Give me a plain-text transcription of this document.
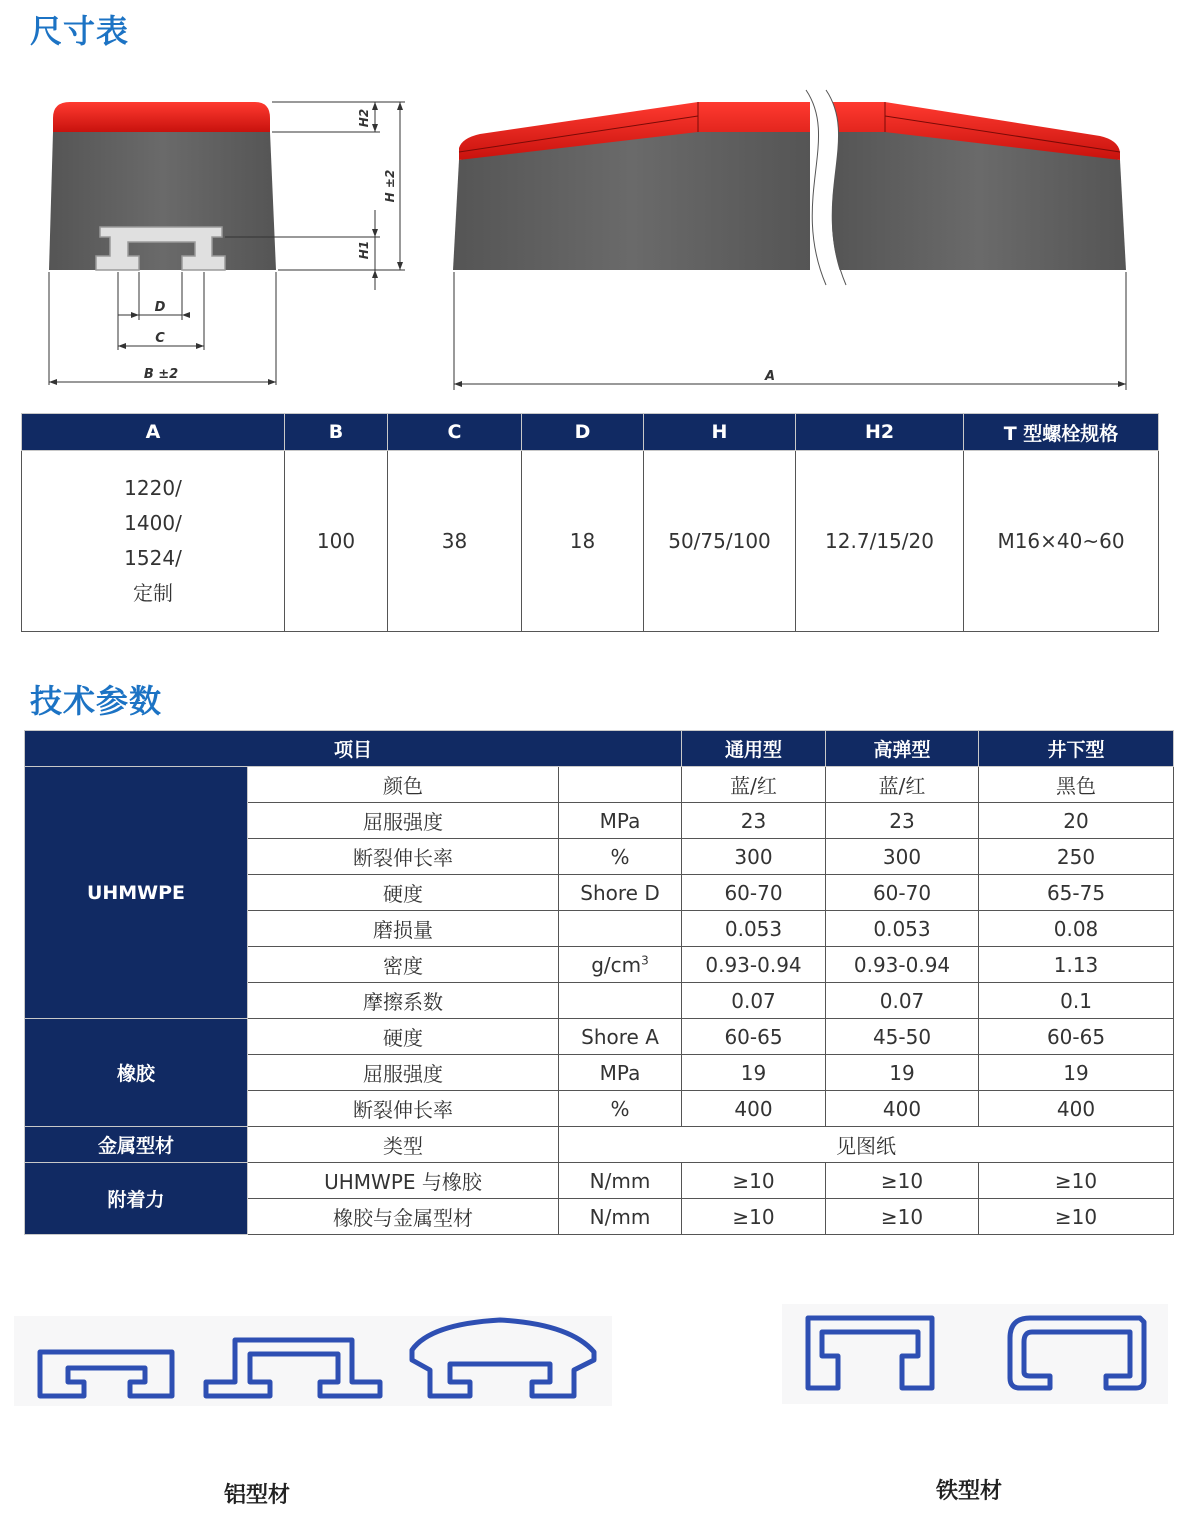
尺寸表
H2
H ±2
H1
D
C
B ±2	A
A	B	C	D	H	H2	T 型螺栓规格

1220/
1400/
1524/
定制	100	38	18	50/75/100	12.7/15/20	M16×40~60
技术参数
项目			通用型	高弹型	井下型
UHMWPE	颜色		蓝/红	蓝/红	黑色
	屈服强度	MPa	23	23	20
	断裂伸长率	%	300	300	250
	硬度	Shore D	60-70	60-70	65-75
	磨损量		0.053	0.053	0.08
	密度	$g/cm^3$	0.93-0.94	0.93-0.94	1.13
	摩擦系数		0.07	0.07	0.1
橡胶	硬度	Shore A	60-65	45-50	60-65
	屈服强度	MPa	19	19	19
	断裂伸长率	%	400	400	400
金属型材	类型	见图纸			
附着力	UHMWPE 与橡胶	N/mm	≥10	≥10	≥10
	橡胶与金属型材	N/mm	≥10	≥10	≥10
铝型材	铁型材
